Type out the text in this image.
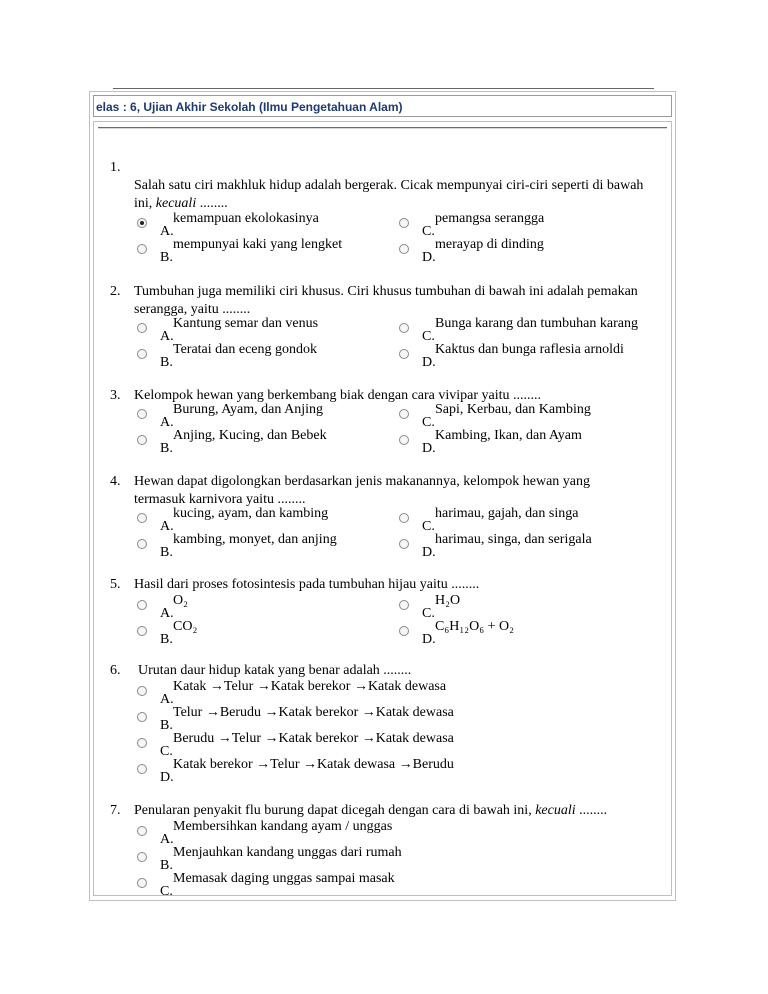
elas : 6, Ujian Akhir Sekolah (Ilmu Pengetahuan Alam)
1.
Salah satu ciri makhluk hidup adalah bergerak. Cicak mempunyai ciri-ciri seperti di bawah ini, kecuali ........
A.
kemampuan ekolokasinya
B.
mempunyai kaki yang lengket
C.
pemangsa serangga
D.
merayap di dinding
2. Tumbuhan juga memiliki ciri khusus. Ciri khusus tumbuhan di bawah ini adalah pemakan serangga, yaitu ........
A.
Kantung semar dan venus
B.
Teratai dan eceng gondok
C.
Bunga karang dan tumbuhan karang
D.
Kaktus dan bunga raflesia arnoldi
3. Kelompok hewan yang berkembang biak dengan cara vivipar yaitu ........
A.
Burung, Ayam, dan Anjing
B.
Anjing, Kucing, dan Bebek
C.
Sapi, Kerbau, dan Kambing
D.
Kambing, Ikan, dan Ayam
4. Hewan dapat digolongkan berdasarkan jenis makanannya, kelompok hewan yang termasuk karnivora yaitu ........
A.
kucing, ayam, dan kambing
B.
kambing, monyet, dan anjing
C.
harimau, gajah, dan singa
D.
harimau, singa, dan serigala
5. Hasil dari proses fotosintesis pada tumbuhan hijau yaitu ........
A.
O₂
B.
CO₂
C.
H₂O
D.
C₆H₁₂O₆ + O₂
6. Urutan daur hidup katak yang benar adalah ........
A.
Katak →Telur →Katak berekor →Katak dewasa
B.
Telur →Berudu →Katak berekor →Katak dewasa
C.
Berudu →Telur →Katak berekor →Katak dewasa
D.
Katak berekor →Telur →Katak dewasa →Berudu
7. Penularan penyakit flu burung dapat dicegah dengan cara di bawah ini, kecuali ........
A.
Membersihkan kandang ayam / unggas
B.
Menjauhkan kandang unggas dari rumah
C.
Memasak daging unggas sampai masak
